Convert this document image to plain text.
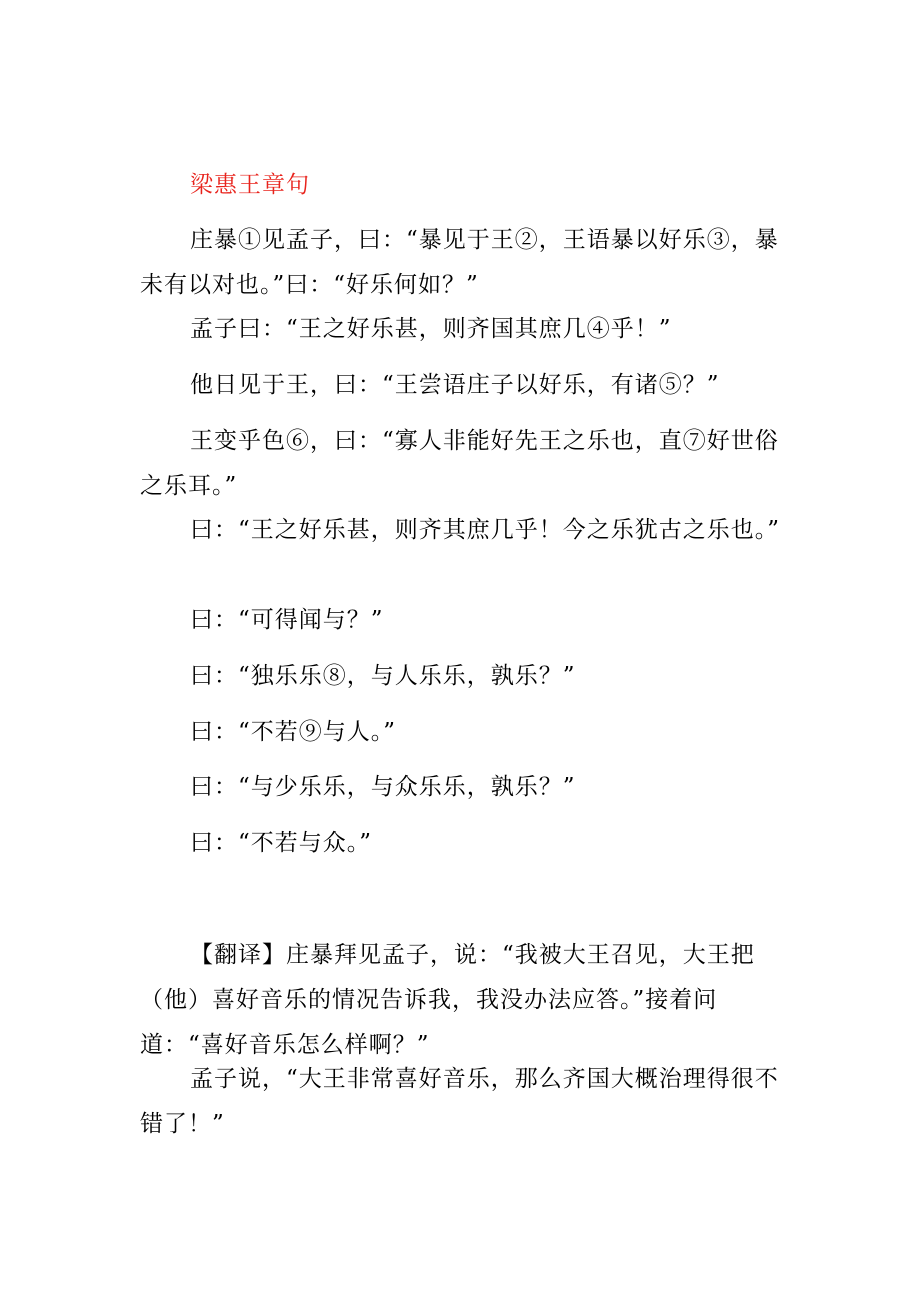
梁惠王章句

庄暴①见孟子，曰：“暴见于王②，王语暴以好乐③，暴未有以对也。”曰：“好乐何如？”

孟子曰：“王之好乐甚，则齐国其庶几④乎！”

他日见于王，曰：“王尝语庄子以好乐，有诸⑤？”

王变乎色⑥，曰：“寡人非能好先王之乐也，直⑦好世俗之乐耳。”

曰：“王之好乐甚，则齐其庶几乎！今之乐犹古之乐也。”

曰：“可得闻与？”

曰：“独乐乐⑧，与人乐乐，孰乐？”

曰：“不若⑨与人。”

曰：“与少乐乐，与众乐乐，孰乐？”

曰：“不若与众。”

【翻译】庄暴拜见孟子，说：“我被大王召见，大王把（他）喜好音乐的情况告诉我，我没办法应答。”接着问道：“喜好音乐怎么样啊？”

孟子说，“大王非常喜好音乐，那么齐国大概治理得很不错了！”
